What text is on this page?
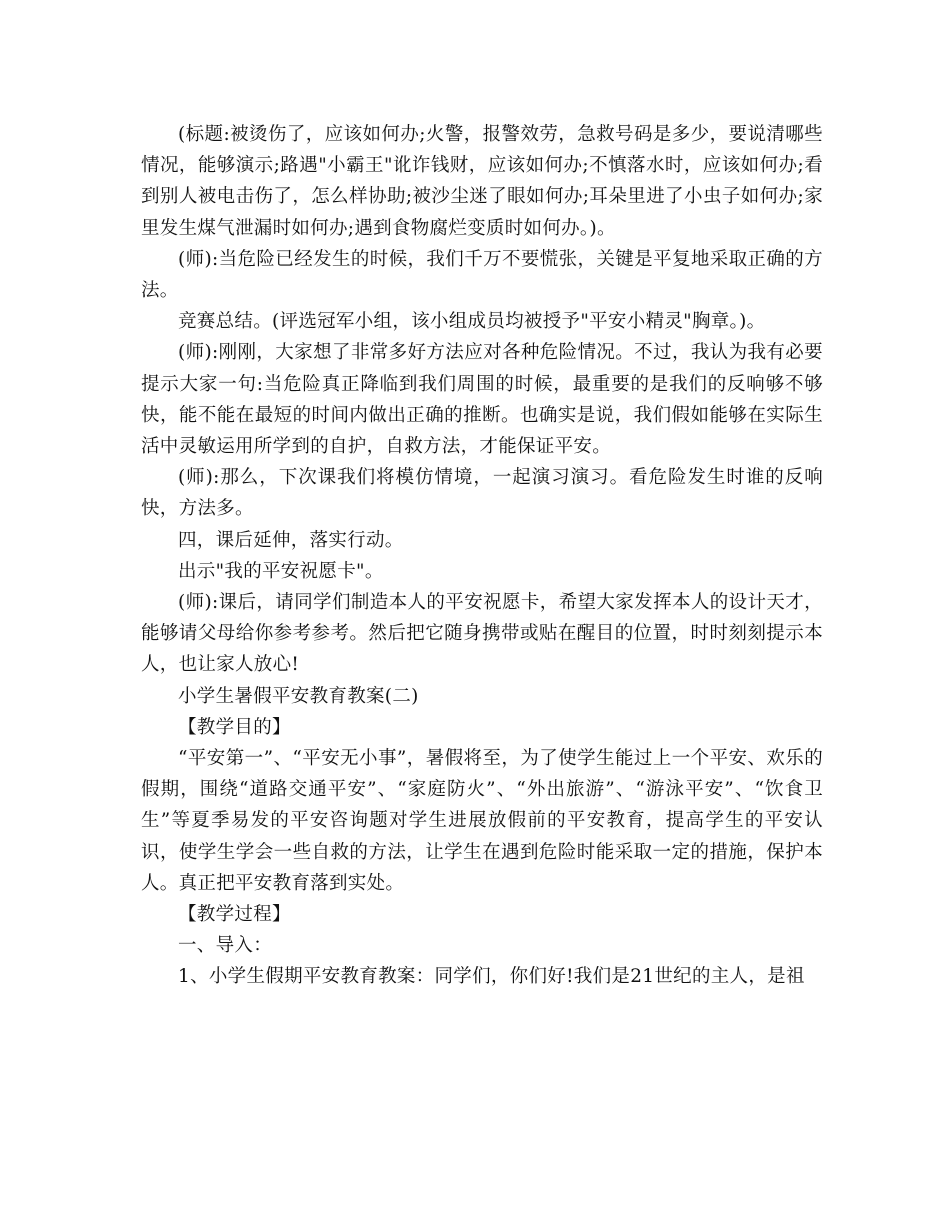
(标题:被烫伤了，应该如何办;火警，报警效劳，急救号码是多少，要说清哪些情况，能够演示;路遇"小霸王"讹诈钱财，应该如何办;不慎落水时，应该如何办;看到别人被电击伤了，怎么样协助;被沙尘迷了眼如何办;耳朵里进了小虫子如何办;家里发生煤气泄漏时如何办;遇到食物腐烂变质时如何办。)。

(师):当危险已经发生的时候，我们千万不要慌张，关键是平复地采取正确的方法。

竞赛总结。(评选冠军小组，该小组成员均被授予"平安小精灵"胸章。)。

(师):刚刚，大家想了非常多好方法应对各种危险情况。不过，我认为我有必要提示大家一句:当危险真正降临到我们周围的时候，最重要的是我们的反响够不够快，能不能在最短的时间内做出正确的推断。也确实是说，我们假如能够在实际生活中灵敏运用所学到的自护，自救方法，才能保证平安。

(师):那么，下次课我们将模仿情境，一起演习演习。看危险发生时谁的反响快，方法多。

四，课后延伸，落实行动。

出示"我的平安祝愿卡"。

(师):课后，请同学们制造本人的平安祝愿卡，希望大家发挥本人的设计天才，能够请父母给你参考参考。然后把它随身携带或贴在醒目的位置，时时刻刻提示本人，也让家人放心!

小学生暑假平安教育教案(二)

【教学目的】

“平安第一”、“平安无小事”，暑假将至，为了使学生能过上一个平安、欢乐的假期，围绕“道路交通平安”、“家庭防火”、“外出旅游”、“游泳平安”、“饮食卫生”等夏季易发的平安咨询题对学生进展放假前的平安教育，提高学生的平安认识，使学生学会一些自救的方法，让学生在遇到危险时能采取一定的措施，保护本人。真正把平安教育落到实处。

【教学过程】

一、导入：

1、小学生假期平安教育教案：同学们，你们好!我们是21世纪的主人，是祖
